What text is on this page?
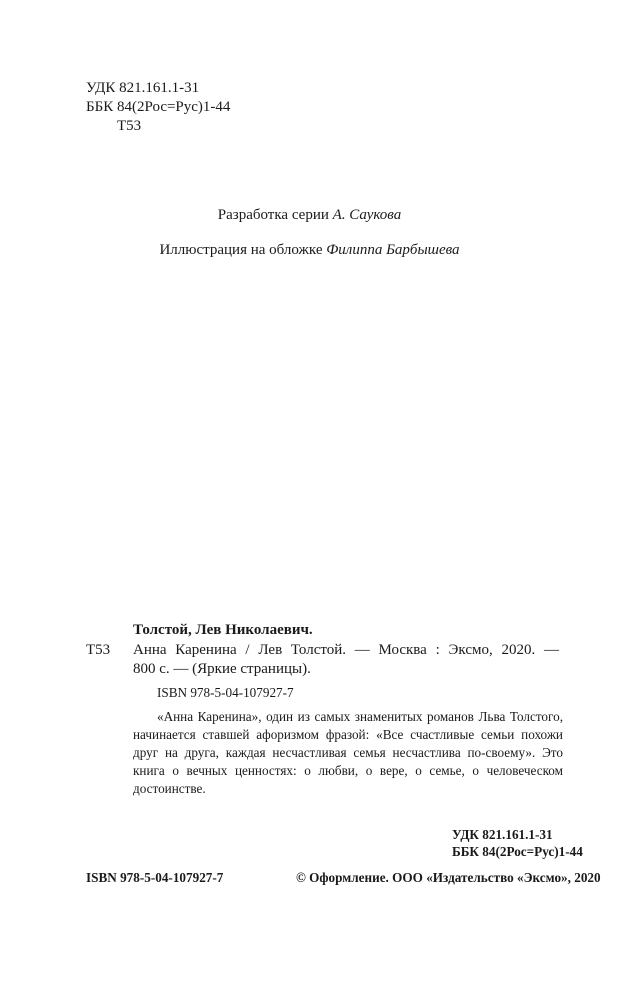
УДК 821.161.1-31
ББК 84(2Рос=Рус)1-44
Т53
Разработка серии А. Саукова
Иллюстрация на обложке Филиппа Барбышева
Толстой, Лев Николаевич.
Т53 Анна Каренина / Лев Толстой. — Москва : Эксмо, 2020. —
800 с. — (Яркие страницы).
ISBN 978-5-04-107927-7
«Анна Каренина», один из самых знаменитых романов Льва Толстого, начинается ставшей афоризмом фразой: «Все счастливые семьи похожи друг на друга, каждая несчастливая семья несчастлива по-своему». Это книга о вечных ценностях: о любви, о вере, о семье, о человеческом достоинстве.
УДК 821.161.1-31
ББК 84(2Рос=Рус)1-44
ISBN 978-5-04-107927-7	© Оформление. ООО «Издательство «Эксмо», 2020
